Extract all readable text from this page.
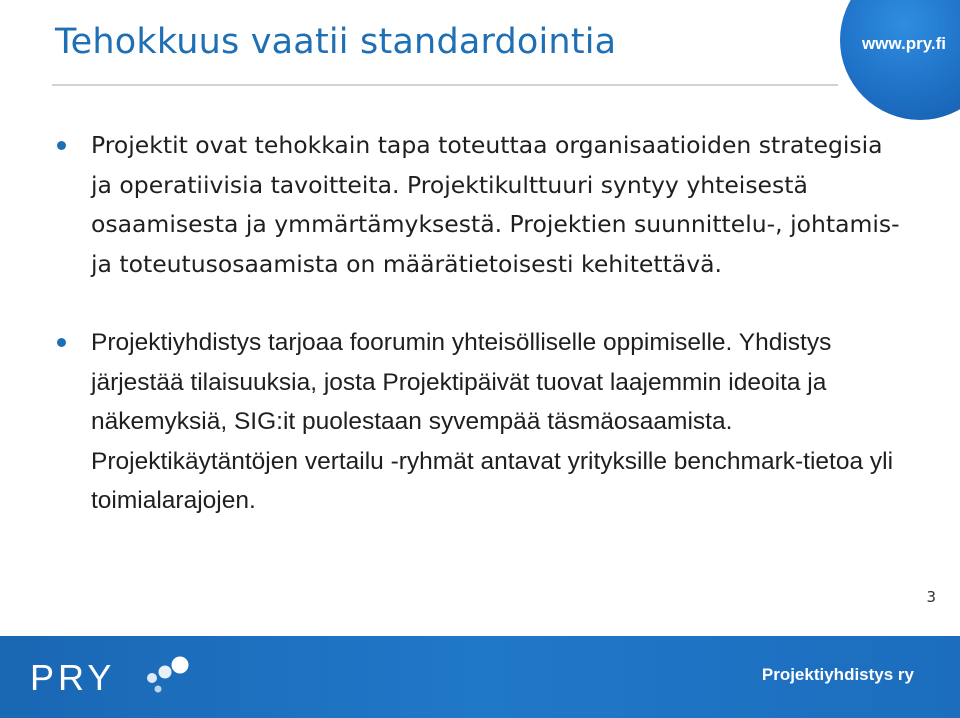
www.pry.fi
Tehokkuus vaatii standardointia
Projektit ovat tehokkain tapa toteuttaa organisaatioiden strategisia ja operatiivisia tavoitteita. Projektikulttuuri syntyy yhteisestä osaamisesta ja ymmärtämyksestä. Projektien suunnittelu-, johtamis- ja toteutusosaamista on määrätietoisesti kehitettävä.
Projektiyhdistys tarjoaa foorumin yhteisölliselle oppimiselle. Yhdistys järjestää tilaisuuksia, josta Projektipäivät tuovat laajemmin ideoita ja näkemyksiä, SIG:it puolestaan syvempää täsmäosaamista. Projektikäytäntöjen vertailu -ryhmät antavat yrityksille benchmark-tietoa yli toimialarajojen.
3
PRY	Projektiyhdistys ry
